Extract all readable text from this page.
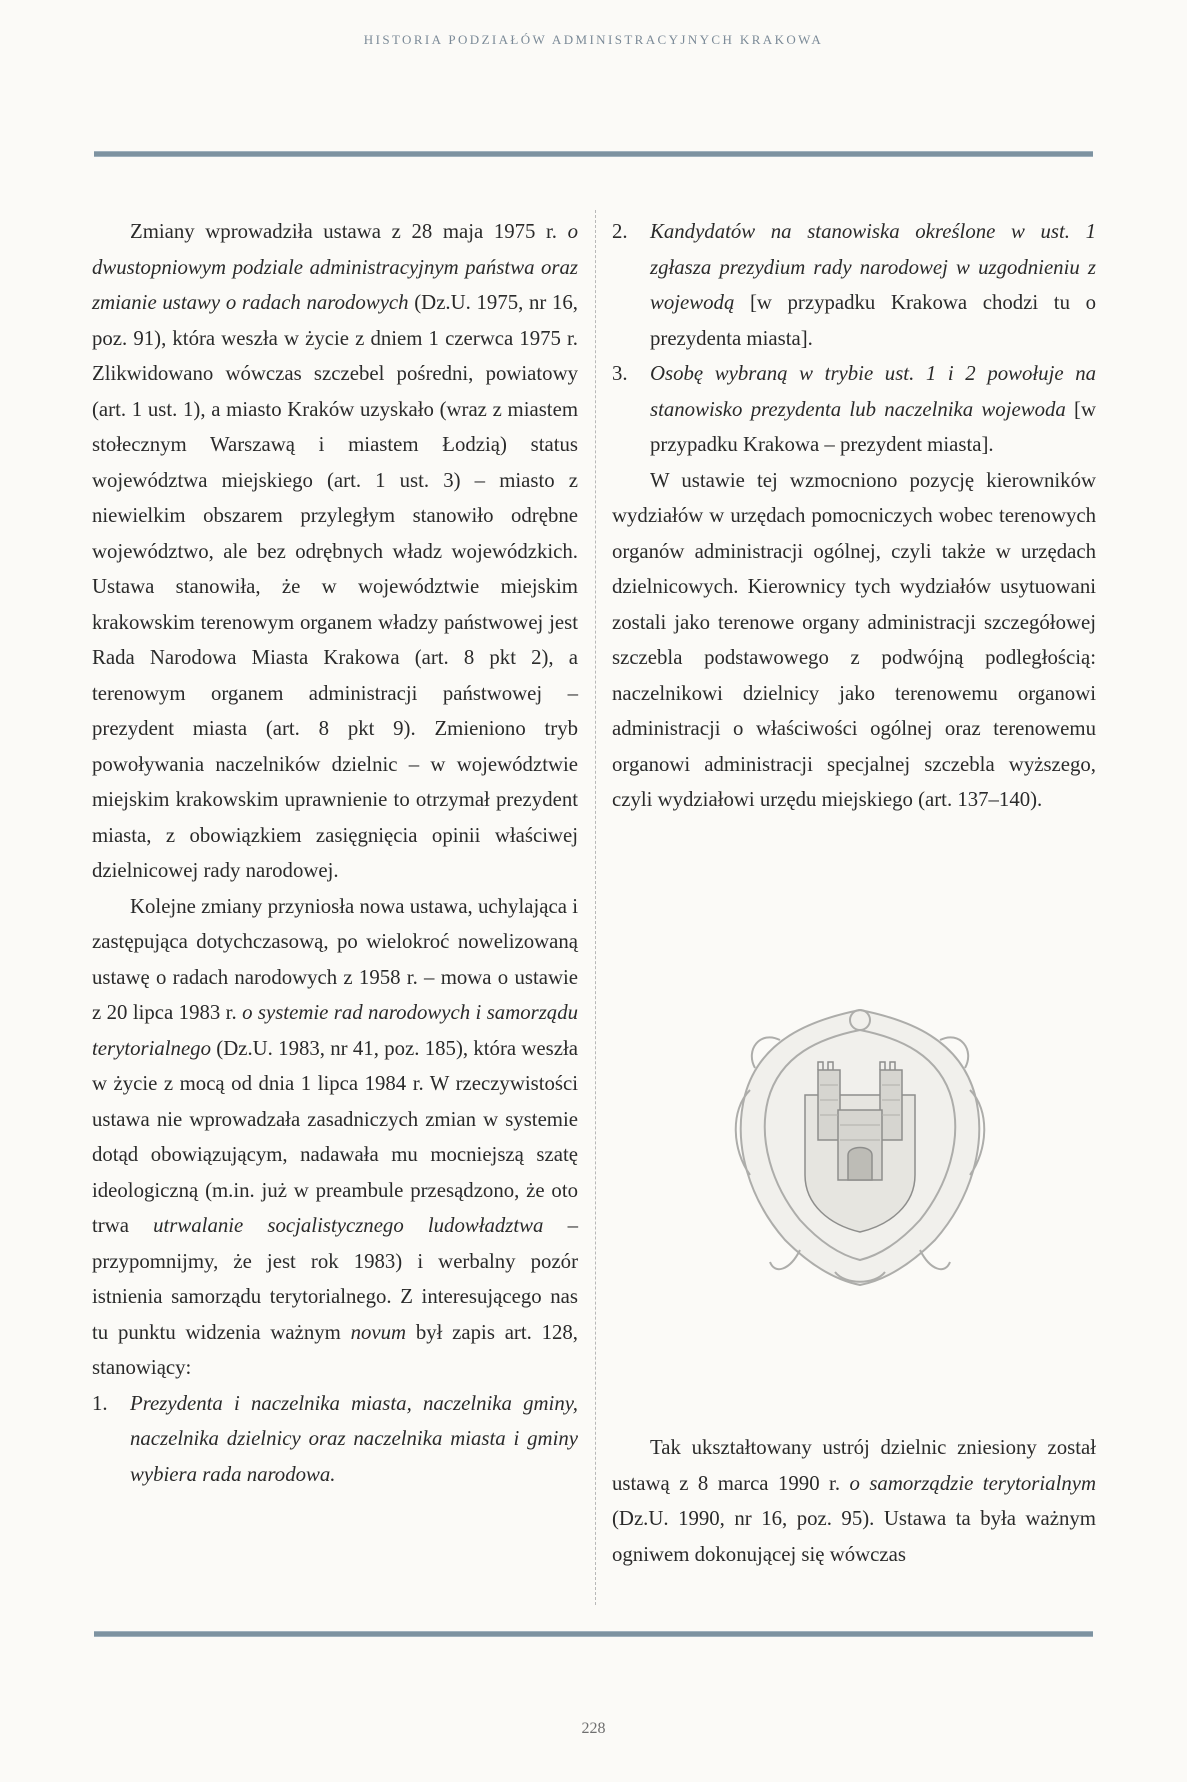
HISTORIA PODZIAŁÓW ADMINISTRACYJNYCH KRAKOWA

Zmiany wprowadziła ustawa z 28 maja 1975 r. o dwustopniowym podziale administracyjnym państwa oraz zmianie ustawy o radach narodowych (Dz.U. 1975, nr 16, poz. 91), która weszła w życie z dniem 1 czerwca 1975 r. Zlikwidowano wówczas szczebel pośredni, powiatowy (art. 1 ust. 1), a miasto Kraków uzyskało (wraz z miastem stołecznym Warszawą i miastem Łodzią) status województwa miejskiego (art. 1 ust. 3) – miasto z niewielkim obszarem przyległym stanowiło odrębne województwo, ale bez odrębnych władz wojewódzkich. Ustawa stanowiła, że w województwie miejskim krakowskim terenowym organem władzy państwowej jest Rada Narodowa Miasta Krakowa (art. 8 pkt 2), a terenowym organem administracji państwowej – prezydent miasta (art. 8 pkt 9). Zmieniono tryb powoływania naczelników dzielnic – w województwie miejskim krakowskim uprawnienie to otrzymał prezydent miasta, z obowiązkiem zasięgnięcia opinii właściwej dzielnicowej rady narodowej.

Kolejne zmiany przyniosła nowa ustawa, uchylająca i zastępująca dotychczasową, po wielokroć nowelizowaną ustawę o radach narodowych z 1958 r. – mowa o ustawie z 20 lipca 1983 r. o systemie rad narodowych i samorządu terytorialnego (Dz.U. 1983, nr 41, poz. 185), która weszła w życie z mocą od dnia 1 lipca 1984 r. W rzeczywistości ustawa nie wprowadzała zasadniczych zmian w systemie dotąd obowiązującym, nadawała mu mocniejszą szatę ideologiczną (m.in. już w preambule przesądzono, że oto trwa utrwalanie socjalistycznego ludowładztwa – przypomnijmy, że jest rok 1983) i werbalny pozór istnienia samorządu terytorialnego. Z interesującego nas tu punktu widzenia ważnym novum był zapis art. 128, stanowiący:

1.	Prezydenta i naczelnika miasta, naczelnika gminy, naczelnika dzielnicy oraz naczelnika miasta i gminy wybiera rada narodowa.
2.	Kandydatów na stanowiska określone w ust. 1 zgłasza prezydium rady narodowej w uzgodnieniu z wojewodą [w przypadku Krakowa chodzi tu o prezydenta miasta].
3.	Osobę wybraną w trybie ust. 1 i 2 powołuje na stanowisko prezydenta lub naczelnika wojewoda [w przypadku Krakowa – prezydent miasta].

W ustawie tej wzmocniono pozycję kierowników wydziałów w urzędach pomocniczych wobec terenowych organów administracji ogólnej, czyli także w urzędach dzielnicowych. Kierownicy tych wydziałów usytuowani zostali jako terenowe organy administracji szczegółowej szczebla podstawowego z podwójną podległością: naczelnikowi dzielnicy jako terenowemu organowi administracji o właściwości ogólnej oraz terenowemu organowi administracji specjalnej szczebla wyższego, czyli wydziałowi urzędu miejskiego (art. 137–140).

Tak ukształtowany ustrój dzielnic zniesiony został ustawą z 8 marca 1990 r. o samorządzie terytorialnym (Dz.U. 1990, nr 16, poz. 95). Ustawa ta była ważnym ogniwem dokonującej się wówczas

228
